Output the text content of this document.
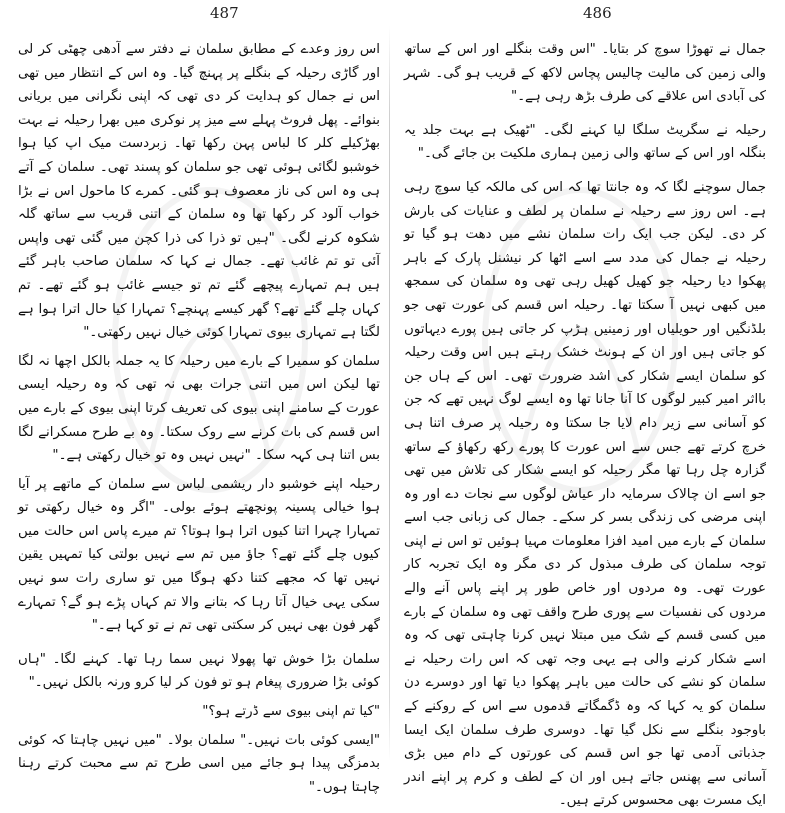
487	486

اس روز وعدے کے مطابق سلمان نے دفتر سے آدھی چھٹی کر لی اور گاڑی رحیلہ کے بنگلے پر پہنچ گیا۔ وہ اس کے انتظار میں تھی اس نے جمال کو ہدایت کر دی تھی کہ اپنی نگرانی میں بریانی بنوائے۔ پھل فروٹ پہلے سے میز پر نوکری میں بھرا رحیلہ نے بہت بھڑکیلے کلر کا لباس پہن رکھا تھا۔ زبردست میک اپ کیا ہوا خوشبو لگائی ہوئی تھی جو سلمان کو پسند تھی۔ سلمان کے آتے ہی وہ اس کی ناز معصوف ہو گئی۔ کمرے کا ماحول اس نے بڑا خواب آلود کر رکھا تھا وہ سلمان کے اتنی قریب سے ساتھ گلہ شکوہ کرنے لگی۔ "ہیں تو ذرا کی ذرا کچن میں گئی تھی واپس آئی تو تم غائب تھے۔ جمال نے کہا کہ سلمان صاحب باہر گئے ہیں ہم تمہارے پیچھے گئے تم تو جیسے غائب ہو گئے تھے۔ تم کہاں چلے گئے تھے؟ گھر کیسے پہنچے؟ تمہارا کیا حال اترا ہوا ہے لگتا ہے تمہاری بیوی تمہارا کوئی خیال نہیں رکھتی۔"

سلمان کو سمیرا کے بارے میں رحیلہ کا یہ جملہ بالکل اچھا نہ لگا تھا لیکن اس میں اتنی جرات بھی نہ تھی کہ وہ رحیلہ ایسی عورت کے سامنے اپنی بیوی کی تعریف کرتا اپنی بیوی کے بارے میں اس قسم کی بات کرنے سے روک سکتا۔ وہ بے طرح مسکرانے لگا بس اتنا ہی کہہ سکا۔ "نہیں نہیں وہ تو خیال رکھتی ہے۔"

رحیلہ اپنے خوشبو دار ریشمی لباس سے سلمان کے ماتھے پر آیا ہوا خیالی پسینہ پونچھتے ہوئے بولی۔ "اگر وہ خیال رکھتی تو تمہارا چہرا اتنا کیوں اترا ہوا ہوتا؟ تم میرے پاس اس حالت میں کیوں چلے گئے تھے؟ جاؤ میں تم سے نہیں بولتی کیا تمہیں یقین نہیں تھا کہ مجھے کتنا دکھ ہوگا میں تو ساری رات سو نہیں سکی یہی خیال آتا رہا کہ بتانے والا تم کہاں پڑے ہو گے؟ تمہارے گھر فون بھی نہیں کر سکتی تھی تم نے تو کہا ہے۔"

سلمان بڑا خوش تھا پھولا نہیں سما رہا تھا۔ کہنے لگا۔ "ہاں کوئی بڑا ضروری پیغام ہو تو فون کر لیا کرو ورنہ بالکل نہیں۔"

"کیا تم اپنی بیوی سے ڈرتے ہو؟"

"ایسی کوئی بات نہیں۔" سلمان بولا۔ "میں نہیں چاہتا کہ کوئی بدمزگی پیدا ہو جائے میں اسی طرح تم سے محبت کرتے رہنا چاہتا ہوں۔"

جمال نے تھوڑا سوچ کر بتایا۔ "اس وقت بنگلے اور اس کے ساتھ والی زمین کی مالیت چالیس پچاس لاکھ کے قریب ہو گی۔ شہر کی آبادی اس علاقے کی طرف بڑھ رہی ہے۔"

رحیلہ نے سگریٹ سلگا لیا کہنے لگی۔ "ٹھیک ہے بہت جلد یہ بنگلہ اور اس کے ساتھ والی زمین ہماری ملکیت بن جائے گی۔"

جمال سوچنے لگا کہ وہ جانتا تھا کہ اس کی مالکہ کیا سوچ رہی ہے۔ اس روز سے رحیلہ نے سلمان پر لطف و عنایات کی بارش کر دی۔ لیکن جب ایک رات سلمان نشے میں دھت ہو گیا تو رحیلہ نے جمال کی مدد سے اسے اٹھا کر نیشنل پارک کے باہر پھکوا دیا رحیلہ جو کھیل کھیل رہی تھی وہ سلمان کی سمجھ میں کبھی نہیں آ سکتا تھا۔ رحیلہ اس قسم کی عورت تھی جو بلڈنگیں اور حویلیاں اور زمینیں ہڑپ کر جاتی ہیں پورے دیہاتوں کو جاتی ہیں اور ان کے ہونٹ خشک رہتے ہیں اس وقت رحیلہ کو سلمان ایسے شکار کی اشد ضرورت تھی۔ اس کے ہاں جن بااثر امیر کبیر لوگوں کا آنا جانا تھا وہ ایسے لوگ نہیں تھے کہ جن کو آسانی سے زیر دام لایا جا سکتا وہ رحیلہ پر صرف اتنا ہی خرچ کرتے تھے جس سے اس عورت کا پورے رکھ رکھاؤ کے ساتھ گزارہ چل رہا تھا مگر رحیلہ کو ایسے شکار کی تلاش میں تھی جو اسے ان چالاک سرمایہ دار عیاش لوگوں سے نجات دے اور وہ اپنی مرضی کی زندگی بسر کر سکے۔ جمال کی زبانی جب اسے سلمان کے بارے میں امید افزا معلومات مہیا ہوئیں تو اس نے اپنی توجہ سلمان کی طرف مبذول کر دی مگر وہ ایک تجربہ کار عورت تھی۔ وہ مردوں اور خاص طور پر اپنے پاس آنے والے مردوں کی نفسیات سے پوری طرح واقف تھی وہ سلمان کے بارے میں کسی قسم کے شک میں مبتلا نہیں کرنا چاہتی تھی کہ وہ اسے شکار کرنے والی ہے یہی وجہ تھی کہ اس رات رحیلہ نے سلمان کو نشے کی حالت میں باہر پھکوا دیا تھا اور دوسرے دن سلمان کو یہ کہا کہ وہ ڈگمگاتے قدموں سے اس کے روکنے کے باوجود بنگلے سے نکل گیا تھا۔ دوسری طرف سلمان ایک ایسا جذباتی آدمی تھا جو اس قسم کی عورتوں کے دام میں بڑی آسانی سے پھنس جاتے ہیں اور ان کے لطف و کرم پر اپنے اندر ایک مسرت بھی محسوس کرتے ہیں۔
